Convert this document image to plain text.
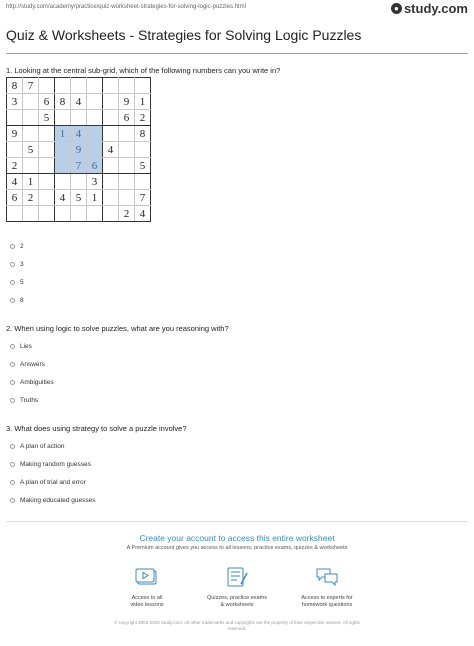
http://study.com/academy/practice/quiz-worksheet-strategies-for-solving-logic-puzzles.html	● study.com
Quiz & Worksheets - Strategies for Solving Logic Puzzles
1. Looking at the central sub-grid, which of the following numbers can you write in?
8	7							
3		6	8	4			9	1
		5					6	2
9			1	4				8
	5			9		4		
2				7	6			5
4	1				3			
6	2		4	5	1			7
							2	4
2
3
5
8
2. When using logic to solve puzzles, what are you reasoning with?
Lies
Answers
Ambiguities
Truths
3. What does using strategy to solve a puzzle involve?
A plan of action
Making random guesses
A plan of trial and error
Making educated guesses
Create your account to access this entire worksheet
A Premium account gives you access to all lessons, practice exams, quizzes & worksheets
Access to all
video lessons
Quizzes, practice exams
& worksheets
Access to experts for
homework questions
© copyright 2003-2020 Study.com. All other trademarks and copyrights are the property of their respective owners. All rights
reserved.
